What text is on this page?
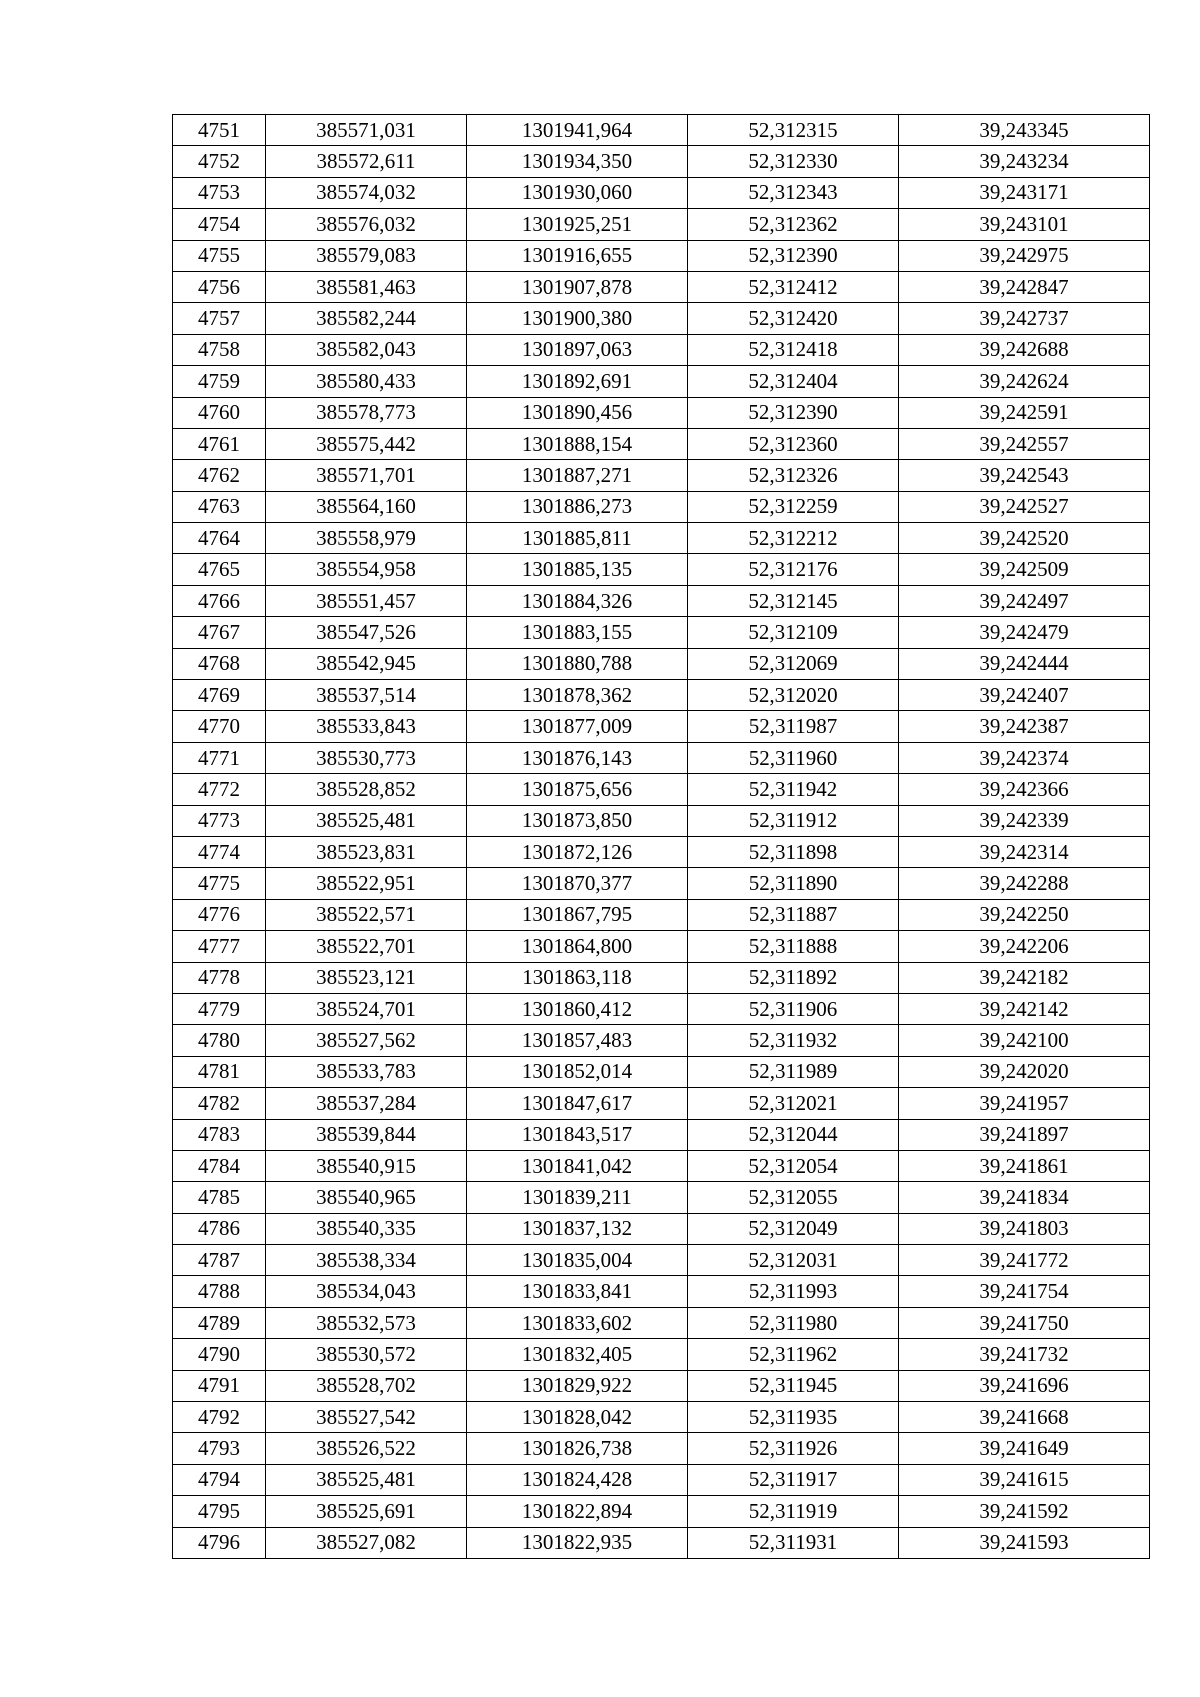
4751	385571,031	1301941,964	52,312315	39,243345
4752	385572,611	1301934,350	52,312330	39,243234
4753	385574,032	1301930,060	52,312343	39,243171
4754	385576,032	1301925,251	52,312362	39,243101
4755	385579,083	1301916,655	52,312390	39,242975
4756	385581,463	1301907,878	52,312412	39,242847
4757	385582,244	1301900,380	52,312420	39,242737
4758	385582,043	1301897,063	52,312418	39,242688
4759	385580,433	1301892,691	52,312404	39,242624
4760	385578,773	1301890,456	52,312390	39,242591
4761	385575,442	1301888,154	52,312360	39,242557
4762	385571,701	1301887,271	52,312326	39,242543
4763	385564,160	1301886,273	52,312259	39,242527
4764	385558,979	1301885,811	52,312212	39,242520
4765	385554,958	1301885,135	52,312176	39,242509
4766	385551,457	1301884,326	52,312145	39,242497
4767	385547,526	1301883,155	52,312109	39,242479
4768	385542,945	1301880,788	52,312069	39,242444
4769	385537,514	1301878,362	52,312020	39,242407
4770	385533,843	1301877,009	52,311987	39,242387
4771	385530,773	1301876,143	52,311960	39,242374
4772	385528,852	1301875,656	52,311942	39,242366
4773	385525,481	1301873,850	52,311912	39,242339
4774	385523,831	1301872,126	52,311898	39,242314
4775	385522,951	1301870,377	52,311890	39,242288
4776	385522,571	1301867,795	52,311887	39,242250
4777	385522,701	1301864,800	52,311888	39,242206
4778	385523,121	1301863,118	52,311892	39,242182
4779	385524,701	1301860,412	52,311906	39,242142
4780	385527,562	1301857,483	52,311932	39,242100
4781	385533,783	1301852,014	52,311989	39,242020
4782	385537,284	1301847,617	52,312021	39,241957
4783	385539,844	1301843,517	52,312044	39,241897
4784	385540,915	1301841,042	52,312054	39,241861
4785	385540,965	1301839,211	52,312055	39,241834
4786	385540,335	1301837,132	52,312049	39,241803
4787	385538,334	1301835,004	52,312031	39,241772
4788	385534,043	1301833,841	52,311993	39,241754
4789	385532,573	1301833,602	52,311980	39,241750
4790	385530,572	1301832,405	52,311962	39,241732
4791	385528,702	1301829,922	52,311945	39,241696
4792	385527,542	1301828,042	52,311935	39,241668
4793	385526,522	1301826,738	52,311926	39,241649
4794	385525,481	1301824,428	52,311917	39,241615
4795	385525,691	1301822,894	52,311919	39,241592
4796	385527,082	1301822,935	52,311931	39,241593
